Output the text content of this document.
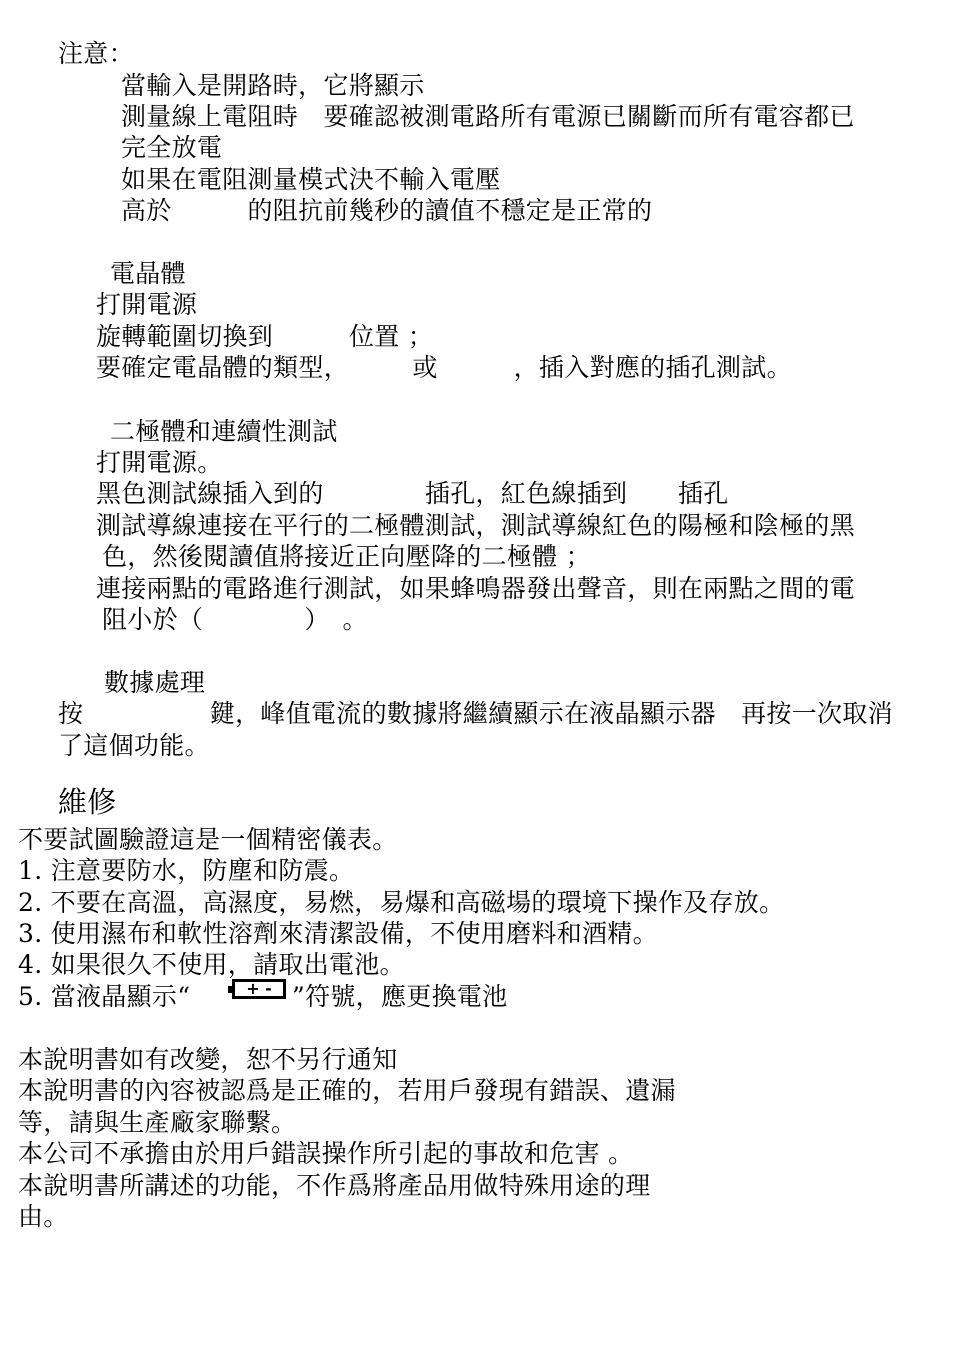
注意：
當輸入是開路時，它將顯示
測量線上電阻時　要確認被測電路所有電源已關斷而所有電容都已
完全放電
如果在電阻測量模式決不輸入電壓
高於　　　的阻抗前幾秒的讀值不穩定是正常的
電晶體
打開電源
旋轉範圍切換到　　　位置 ；
要確定電晶體的類型，　　　或　　　，插入對應的插孔測試。
二極體和連續性測試
打開電源。
黑色測試線插入到的　　　　插孔，紅色線插到　　插孔
測試導線連接在平行的二極體測試，測試導線紅色的陽極和陰極的黑
色，然後閱讀值將接近正向壓降的二極體 ；
連接兩點的電路進行測試，如果蜂鳴器發出聲音，則在兩點之間的電
阻小於（　　　　）　。
數據處理
按　　　　　鍵，峰值電流的數據將繼續顯示在液晶顯示器　再按一次取消
了這個功能。
維修
不要試圖驗證這是一個精密儀表。
1. 注意要防水，防塵和防震。
2. 不要在高溫，高濕度，易燃，易爆和高磁場的環境下操作及存放。
3. 使用濕布和軟性溶劑來清潔設備，不使用磨料和酒精。
4. 如果很久不使用，請取出電池。
5. 當液晶顯示“	+ - ”符號，應更換電池
本說明書如有改變，恕不另行通知
本說明書的內容被認爲是正確的，若用戶發現有錯誤、遺漏
等，請與生產廠家聯繫。
本公司不承擔由於用戶錯誤操作所引起的事故和危害 。
本說明書所講述的功能，不作爲將產品用做特殊用途的理
由。
